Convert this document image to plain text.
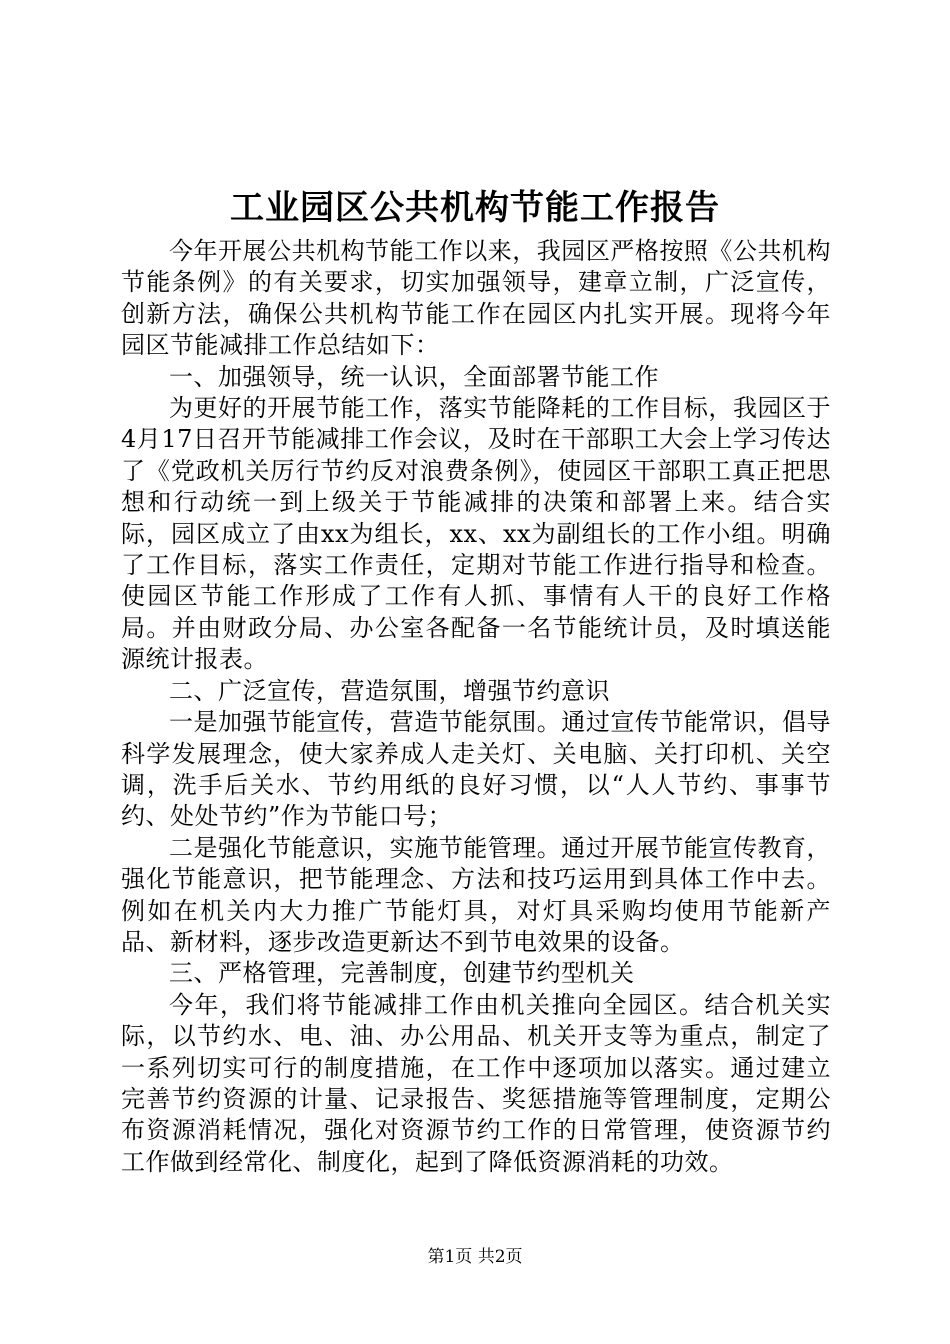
工业园区公共机构节能工作报告

今年开展公共机构节能工作以来，我园区严格按照《公共机构节能条例》的有关要求，切实加强领导，建章立制，广泛宣传，创新方法，确保公共机构节能工作在园区内扎实开展。现将今年园区节能减排工作总结如下：

一、加强领导，统一认识，全面部署节能工作

为更好的开展节能工作，落实节能降耗的工作目标，我园区于4月17日召开节能减排工作会议，及时在干部职工大会上学习传达了《党政机关厉行节约反对浪费条例》，使园区干部职工真正把思想和行动统一到上级关于节能减排的决策和部署上来。结合实际，园区成立了由xx为组长，xx、xx为副组长的工作小组。明确了工作目标，落实工作责任，定期对节能工作进行指导和检查。使园区节能工作形成了工作有人抓、事情有人干的良好工作格局。并由财政分局、办公室各配备一名节能统计员，及时填送能源统计报表。

二、广泛宣传，营造氛围，增强节约意识

一是加强节能宣传，营造节能氛围。通过宣传节能常识，倡导科学发展理念，使大家养成人走关灯、关电脑、关打印机、关空调，洗手后关水、节约用纸的良好习惯，以“人人节约、事事节约、处处节约”作为节能口号；

二是强化节能意识，实施节能管理。通过开展节能宣传教育，强化节能意识，把节能理念、方法和技巧运用到具体工作中去。例如在机关内大力推广节能灯具，对灯具采购均使用节能新产品、新材料，逐步改造更新达不到节电效果的设备。

三、严格管理，完善制度，创建节约型机关

今年，我们将节能减排工作由机关推向全园区。结合机关实际，以节约水、电、油、办公用品、机关开支等为重点，制定了一系列切实可行的制度措施，在工作中逐项加以落实。通过建立完善节约资源的计量、记录报告、奖惩措施等管理制度，定期公布资源消耗情况，强化对资源节约工作的日常管理，使资源节约工作做到经常化、制度化，起到了降低资源消耗的功效。

第1页 共2页
